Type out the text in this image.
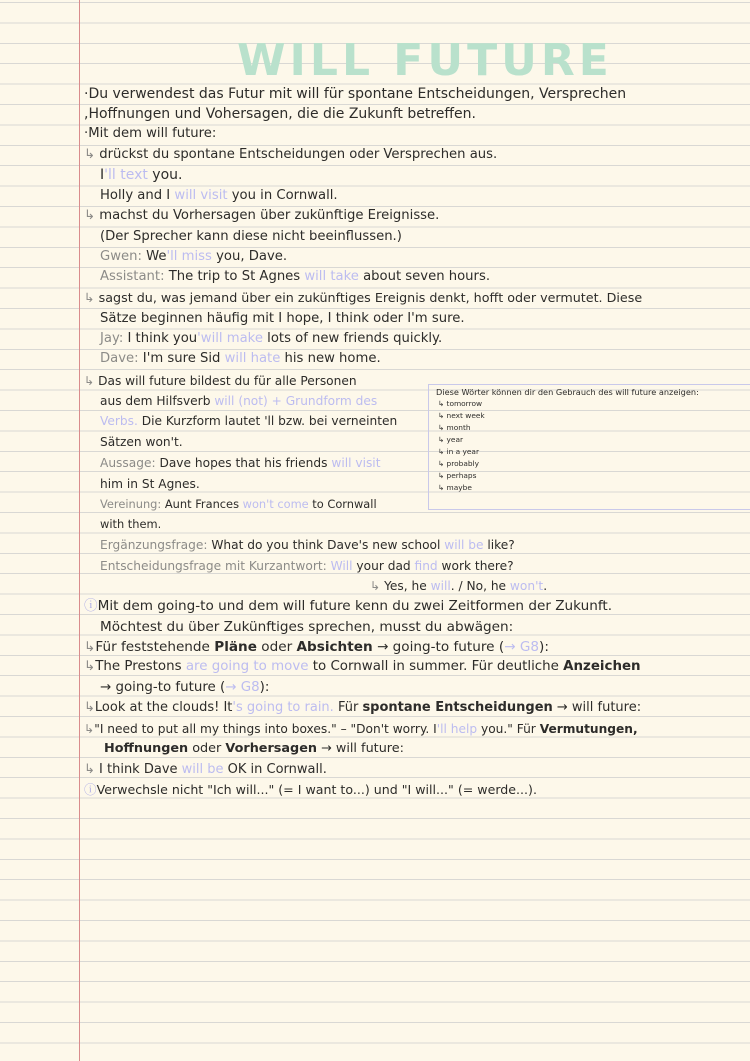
WILL FUTURE
·Du verwendest das Futur mit will für spontane Entscheidungen, Versprechen
,Hoffnungen und Vohersagen, die die Zukunft betreffen.
·Mit dem will future:
↳ drückst du spontane Entscheidungen oder Versprechen aus.
I'll text you.
Holly and I will visit you in Cornwall.
↳ machst du Vorhersagen über zukünftige Ereignisse.
(Der Sprecher kann diese nicht beeinflussen.)
Gwen: We'll miss you, Dave.
Assistant: The trip to St Agnes will take about seven hours.
↳ sagst du, was jemand über ein zukünftiges Ereignis denkt, hofft oder vermutet. Diese
Sätze beginnen häufig mit I hope, I think oder I'm sure.
Jay: I think you'will make lots of new friends quickly.
Dave: I'm sure Sid will hate his new home.
↳ Das will future bildest du für alle Personen
aus dem Hilfsverb will (not) + Grundform des
Verbs. Die Kurzform lautet 'll bzw. bei verneinten
Sätzen won't.
Aussage: Dave hopes that his friends will visit
him in St Agnes.
Vereinung: Aunt Frances won't come to Cornwall
with them.
Diese Wörter können dir den Gebrauch des will future anzeigen:
↳ tomorrow
↳ next week
↳ month
↳ year
↳ in a year
↳ probably
↳ perhaps
↳ maybe
Ergänzungsfrage: What do you think Dave's new school will be like?
Entscheidungsfrage mit Kurzantwort: Will your dad find work there?
↳ Yes, he will. / No, he won't.
ⓘMit dem going-to und dem will future kenn du zwei Zeitformen der Zukunft.
Möchtest du über Zukünftiges sprechen, musst du abwägen:
↳Für feststehende Pläne oder Absichten → going-to future (→ G8):
↳The Prestons are going to move to Cornwall in summer. Für deutliche Anzeichen
→ going-to future (→ G8):
↳Look at the clouds! It's going to rain. Für spontane Entscheidungen → will future:
↳"I need to put all my things into boxes." – "Don't worry. I'll help you." Für Vermutungen,
Hoffnungen oder Vorhersagen → will future:
↳ I think Dave will be OK in Cornwall.
ⓘVerwechsle nicht "Ich will..." (= I want to...) und "I will..." (= werde...).
